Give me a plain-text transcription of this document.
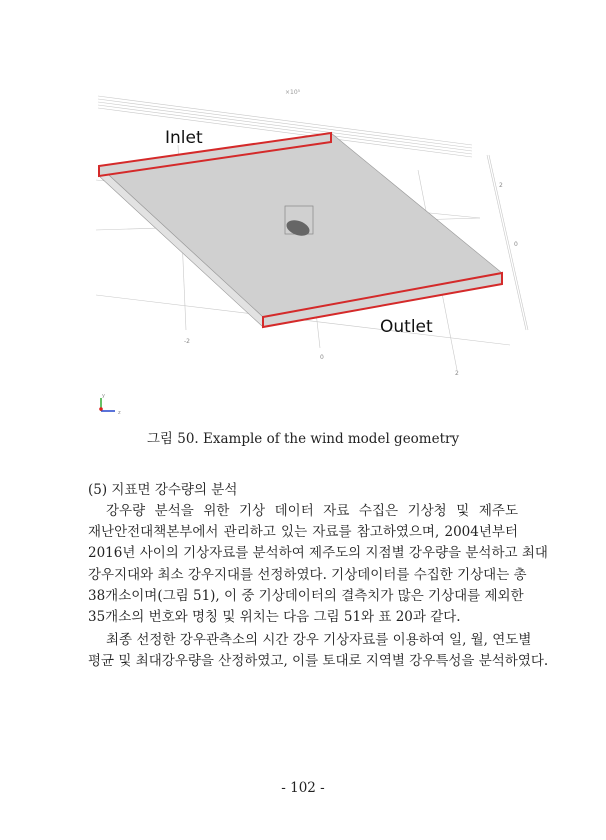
Inlet
Outlet
×10⁵
-2
0
2
2
0
y
z
그림 50. Example of the wind model geometry
(5) 지표면 강수량의 분석
강우량 분석을 위한 기상 데이터 자료 수집은 기상청 및 제주도
재난안전대책본부에서 관리하고 있는 자료를 참고하였으며, 2004년부터
2016년 사이의 기상자료를 분석하여 제주도의 지점별 강우량을 분석하고 최대
강우지대와 최소 강우지대를 선정하였다. 기상데이터를 수집한 기상대는 총
38개소이며(그림 51), 이 중 기상데이터의 결측치가 많은 기상대를 제외한
35개소의 번호와 명칭 및 위치는 다음 그림 51와 표 20과 같다.
최종 선정한 강우관측소의 시간 강우 기상자료를 이용하여 일, 월, 연도별
평균 및 최대강우량을 산정하였고, 이를 토대로 지역별 강우특성을 분석하였다.
- 102 -
